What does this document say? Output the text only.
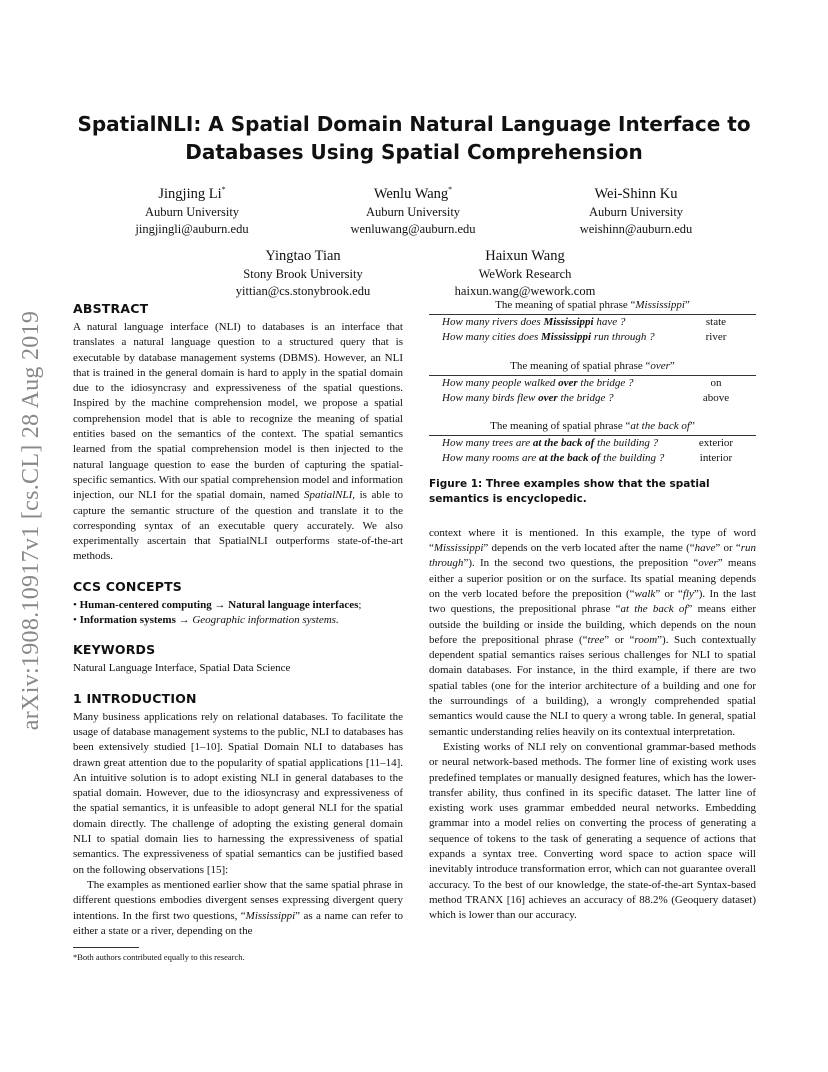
arXiv:1908.10917v1 [cs.CL] 28 Aug 2019
SpatialNLI: A Spatial Domain Natural Language Interface to
Databases Using Spatial Comprehension
Jingjing Li*
Auburn University
jingjingli@auburn.edu
Wenlu Wang*
Auburn University
wenluwang@auburn.edu
Wei-Shinn Ku
Auburn University
weishinn@auburn.edu
Yingtao Tian
Stony Brook University
yittian@cs.stonybrook.edu
Haixun Wang
WeWork Research
haixun.wang@wework.com
ABSTRACT

A natural language interface (NLI) to databases is an interface that translates a natural language question to a structured query that is executable by database management systems (DBMS). However, an NLI that is trained in the general domain is hard to apply in the spatial domain due to the idiosyncrasy and expressiveness of the spatial questions. Inspired by the machine comprehension model, we propose a spatial comprehension model that is able to recognize the meaning of spatial entities based on the semantics of the context. The spatial semantics learned from the spatial comprehension model is then injected to the natural language question to ease the burden of capturing the spatial-specific semantics. With our spatial comprehension model and information injection, our NLI for the spatial domain, named SpatialNLI, is able to capture the semantic structure of the question and translate it to the corresponding syntax of an executable query accurately. We also experimentally ascertain that SpatialNLI outperforms state-of-the-art methods.

CCS CONCEPTS
• Human-centered computing → Natural language interfaces;
• Information systems → Geographic information systems.
KEYWORDS

Natural Language Interface, Spatial Data Science

1 INTRODUCTION

Many business applications rely on relational databases. To facilitate the usage of database management systems to the public, NLI to databases has been extensively studied [1–10]. Spatial Domain NLI to databases has drawn great attention due to the popularity of spatial applications [11–14]. An intuitive solution is to adopt existing NLI in general databases to the spatial domain. However, due to the idiosyncrasy and expressiveness of the spatial semantics, it is unfeasible to adopt general NLI for the spatial domain directly. The challenge of adopting the existing general domain NLI to spatial domain lies to harnessing the expressiveness of spatial semantics. The expressiveness of spatial semantics can be justified based on the following observations [15]:

The examples as mentioned earlier show that the same spatial phrase in different questions embodies divergent senses expressing divergent query intentions. In the first two questions, “Mississippi” as a name can refer to either a state or a river, depending on the

*Both authors contributed equally to this research.
The meaning of spatial phrase “Mississippi”
How many rivers does Mississippi have ?	state
How many cities does Mississippi run through ?	river
The meaning of spatial phrase “over”
How many people walked over the bridge ?	on
How many birds flew over the bridge ?	above
The meaning of spatial phrase “at the back of”
How many trees are at the back of the building ?	exterior
How many rooms are at the back of the building ?	interior
Figure 1: Three examples show that the spatial semantics is encyclopedic.

context where it is mentioned. In this example, the type of word “Mississippi” depends on the verb located after the name (“have” or “run through”). In the second two questions, the preposition “over” means either a superior position or on the surface. Its spatial meaning depends on the verb located before the preposition (“walk” or “fly”). In the last two questions, the prepositional phrase “at the back of” means either outside the building or inside the building, which depends on the noun before the prepositional phrase (“tree” or “room”). Such contextually dependent spatial semantics raises serious challenges for NLI to spatial domain databases. For instance, in the third example, if there are two spatial tables (one for the interior architecture of a building and one for the surroundings of a building), a wrongly comprehended spatial semantics would cause the NLI to query a wrong table. In general, spatial semantic understanding relies heavily on its contextual interpretation.

Existing works of NLI rely on conventional grammar-based methods or neural network-based methods. The former line of existing work uses predefined templates or manually designed features, which has the lower-transfer ability, thus confined in its specific dataset. The latter line of existing work uses grammar embedded neural networks. Embedding grammar into a model relies on converting the process of generating a sequence of tokens to the task of generating a sequence of actions that expands a syntax tree. Converting word space to action space will inevitably introduce transformation error, which can not guarantee overall accuracy. To the best of our knowledge, the state-of-the-art Syntax-based method TRANX [16] achieves an accuracy of 88.2% (Geoquery dataset) which is lower than our accuracy.
